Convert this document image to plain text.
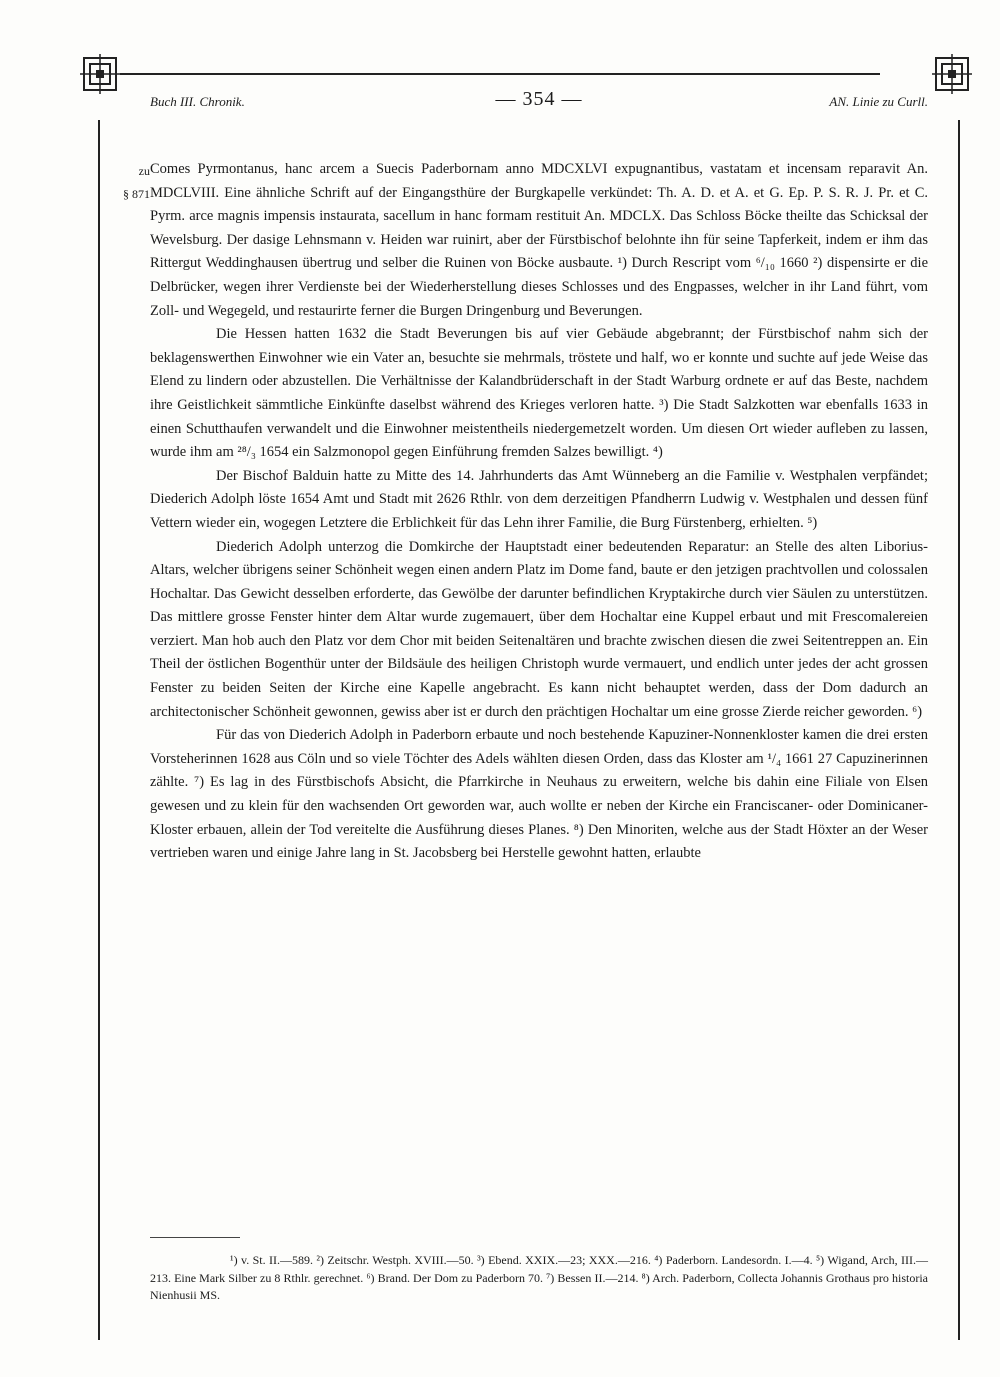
Buch III. Chronik.	— 354 —	AN. Linie zu Curll.
zu
§ 871

Comes Pyrmontanus, hanc arcem a Suecis Paderbornam anno MDCXLVI expugnantibus, vastatam et incensam reparavit An. MDCLVIII. Eine ähnliche Schrift auf der Eingangsthüre der Burgkapelle verkündet: Th. A. D. et A. et G. Ep. P. S. R. J. Pr. et C. Pyrm. arce magnis impensis instaurata, sacellum in hanc formam restituit An. MDCLX. Das Schloss Böcke theilte das Schicksal der Wevelsburg. Der dasige Lehnsmann v. Heiden war ruinirt, aber der Fürstbischof belohnte ihn für seine Tapferkeit, indem er ihm das Rittergut Weddinghausen übertrug und selber die Ruinen von Böcke ausbaute. ¹) Durch Rescript vom ⁶/₁₀ 1660 ²) dispensirte er die Delbrücker, wegen ihrer Verdienste bei der Wiederherstellung dieses Schlosses und des Engpasses, welcher in ihr Land führt, vom Zoll- und Wegegeld, und restaurirte ferner die Burgen Dringenburg und Beverungen.

Die Hessen hatten 1632 die Stadt Beverungen bis auf vier Gebäude abgebrannt; der Fürstbischof nahm sich der beklagenswerthen Einwohner wie ein Vater an, besuchte sie mehrmals, tröstete und half, wo er konnte und suchte auf jede Weise das Elend zu lindern oder abzustellen. Die Verhältnisse der Kalandbrüderschaft in der Stadt Warburg ordnete er auf das Beste, nachdem ihre Geistlichkeit sämmtliche Einkünfte daselbst während des Krieges verloren hatte. ³) Die Stadt Salzkotten war ebenfalls 1633 in einen Schutthaufen verwandelt und die Einwohner meistentheils niedergemetzelt worden. Um diesen Ort wieder aufleben zu lassen, wurde ihm am ²⁸/₃ 1654 ein Salzmonopol gegen Einführung fremden Salzes bewilligt. ⁴)

Der Bischof Balduin hatte zu Mitte des 14. Jahrhunderts das Amt Wünneberg an die Familie v. Westphalen verpfändet; Diederich Adolph löste 1654 Amt und Stadt mit 2626 Rthlr. von dem derzeitigen Pfandherrn Ludwig v. Westphalen und dessen fünf Vettern wieder ein, wogegen Letztere die Erblichkeit für das Lehn ihrer Familie, die Burg Fürstenberg, erhielten. ⁵)

Diederich Adolph unterzog die Domkirche der Hauptstadt einer bedeutenden Reparatur: an Stelle des alten Liborius-Altars, welcher übrigens seiner Schönheit wegen einen andern Platz im Dome fand, baute er den jetzigen prachtvollen und colossalen Hochaltar. Das Gewicht desselben erforderte, das Gewölbe der darunter befindlichen Kryptakirche durch vier Säulen zu unterstützen. Das mittlere grosse Fenster hinter dem Altar wurde zugemauert, über dem Hochaltar eine Kuppel erbaut und mit Frescomalereien verziert. Man hob auch den Platz vor dem Chor mit beiden Seitenaltären und brachte zwischen diesen die zwei Seitentreppen an. Ein Theil der östlichen Bogenthür unter der Bildsäule des heiligen Christoph wurde vermauert, und endlich unter jedes der acht grossen Fenster zu beiden Seiten der Kirche eine Kapelle angebracht. Es kann nicht behauptet werden, dass der Dom dadurch an architectonischer Schönheit gewonnen, gewiss aber ist er durch den prächtigen Hochaltar um eine grosse Zierde reicher geworden. ⁶)

Für das von Diederich Adolph in Paderborn erbaute und noch bestehende Kapuziner-Nonnenkloster kamen die drei ersten Vorsteherinnen 1628 aus Cöln und so viele Töchter des Adels wählten diesen Orden, dass das Kloster am ¹/₄ 1661 27 Capuzinerinnen zählte. ⁷) Es lag in des Fürstbischofs Absicht, die Pfarrkirche in Neuhaus zu erweitern, welche bis dahin eine Filiale von Elsen gewesen und zu klein für den wachsenden Ort geworden war, auch wollte er neben der Kirche ein Franciscaner- oder Dominicaner-Kloster erbauen, allein der Tod vereitelte die Ausführung dieses Planes. ⁸) Den Minoriten, welche aus der Stadt Höxter an der Weser vertrieben waren und einige Jahre lang in St. Jacobsberg bei Herstelle gewohnt hatten, erlaubte

¹) v. St. II.—589. ²) Zeitschr. Westph. XVIII.—50. ³) Ebend. XXIX.—23; XXX.—216. ⁴) Paderborn. Landesordn. I.—4. ⁵) Wigand, Arch, III.—213. Eine Mark Silber zu 8 Rthlr. gerechnet. ⁶) Brand. Der Dom zu Paderborn 70. ⁷) Bessen II.—214. ⁸) Arch. Paderborn, Collecta Johannis Grothaus pro historia Nienhusii MS.
